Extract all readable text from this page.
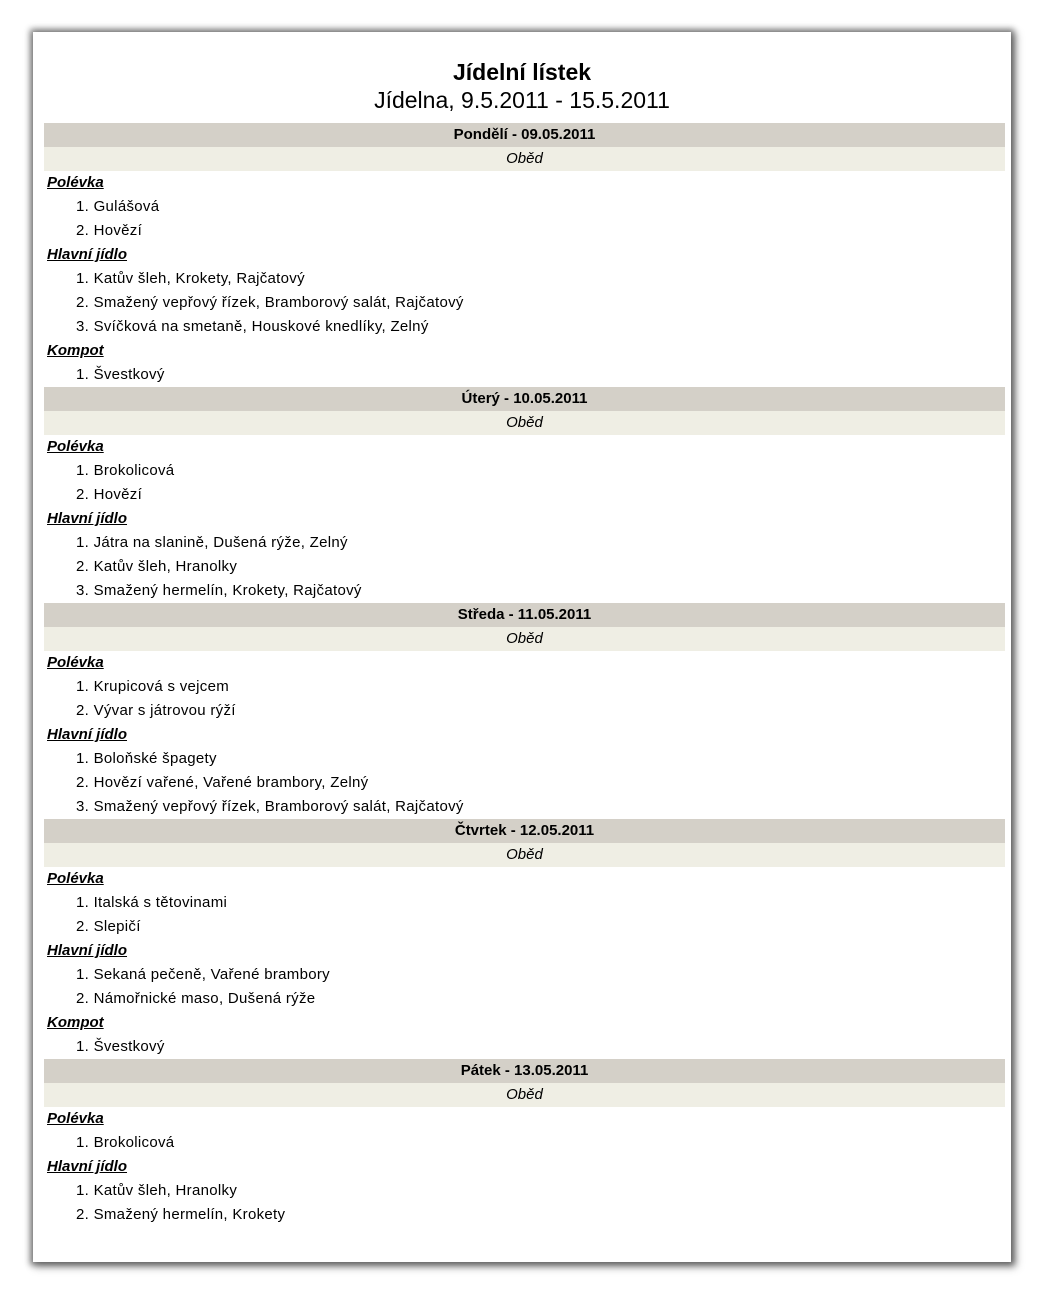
Jídelní lístek
Jídelna, 9.5.2011 - 15.5.2011
Pondělí - 09.05.2011
Oběd
Polévka
1. Gulášová
2. Hovězí
Hlavní jídlo
1. Katův šleh, Krokety, Rajčatový
2. Smažený vepřový řízek, Bramborový salát, Rajčatový
3. Svíčková na smetaně, Houskové knedlíky, Zelný
Kompot
1. Švestkový
Úterý - 10.05.2011
Oběd
Polévka
1. Brokolicová
2. Hovězí
Hlavní jídlo
1. Játra na slanině, Dušená rýže, Zelný
2. Katův šleh, Hranolky
3. Smažený hermelín, Krokety, Rajčatový
Středa - 11.05.2011
Oběd
Polévka
1. Krupicová s vejcem
2. Vývar s játrovou rýží
Hlavní jídlo
1. Boloňské špagety
2. Hovězí vařené, Vařené brambory, Zelný
3. Smažený vepřový řízek, Bramborový salát, Rajčatový
Čtvrtek - 12.05.2011
Oběd
Polévka
1. Italská s tětovinami
2. Slepičí
Hlavní jídlo
1. Sekaná pečeně, Vařené brambory
2. Námořnické maso, Dušená rýže
Kompot
1. Švestkový
Pátek - 13.05.2011
Oběd
Polévka
1. Brokolicová
Hlavní jídlo
1. Katův šleh, Hranolky
2. Smažený hermelín, Krokety
